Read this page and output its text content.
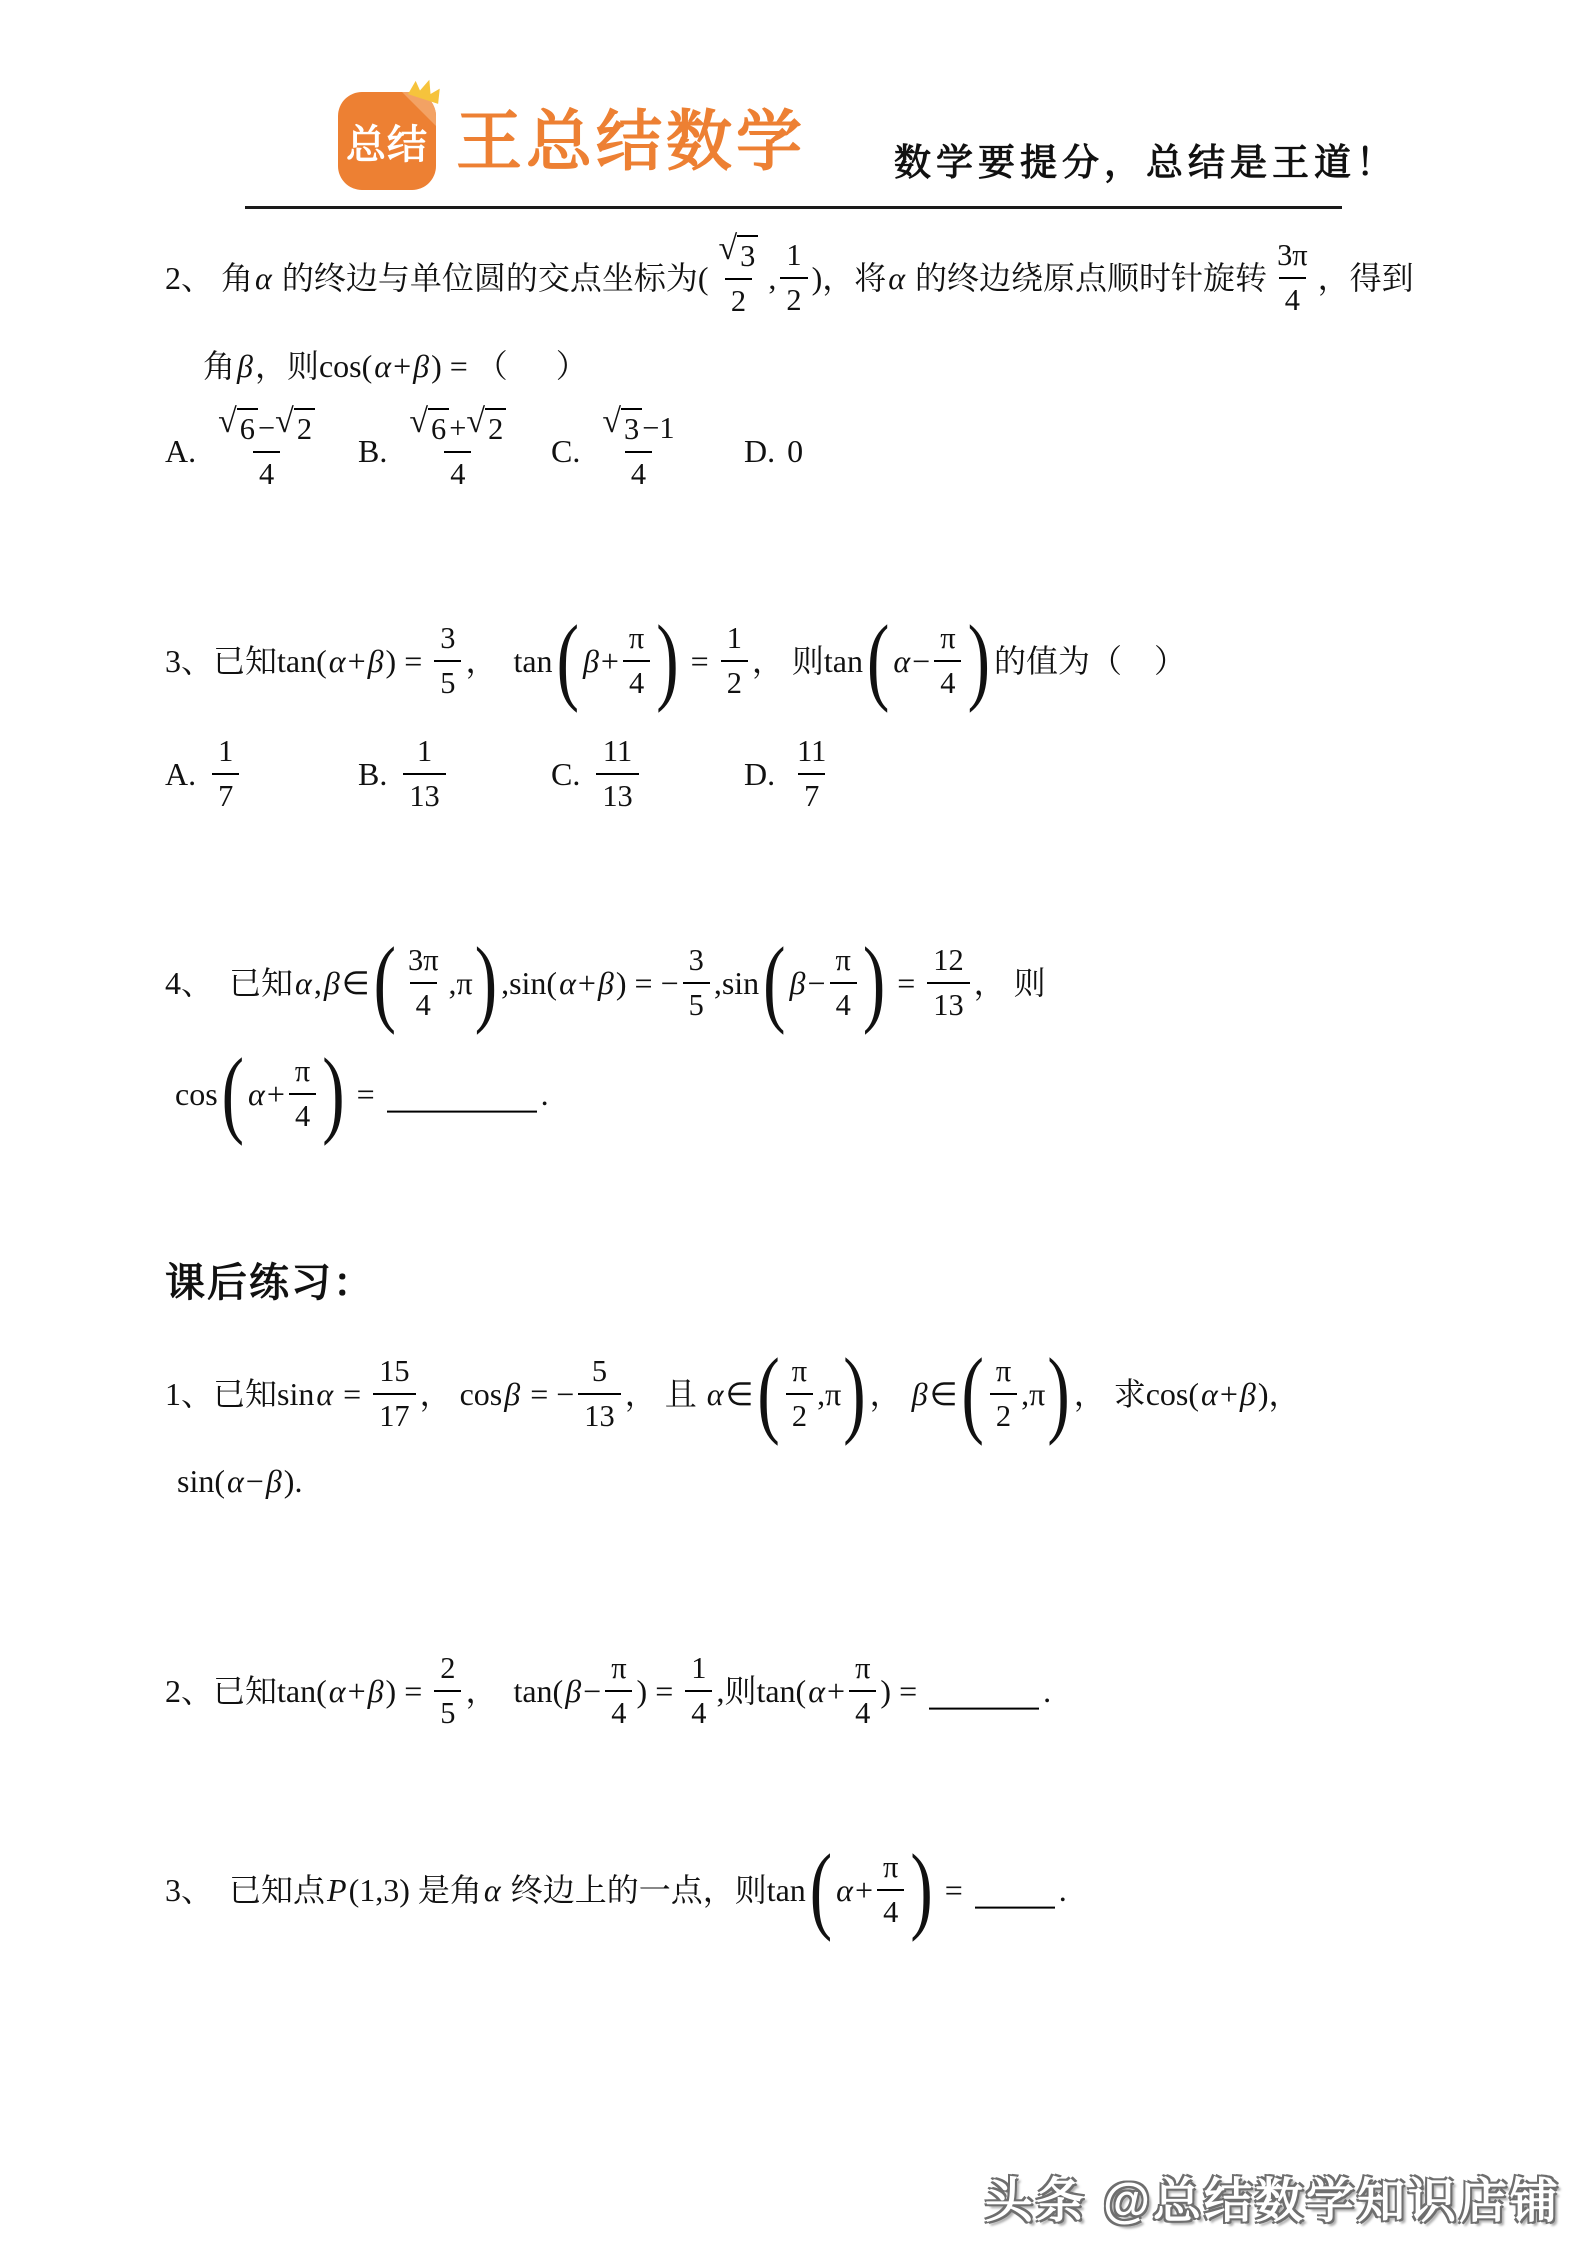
总结 王总结数学 数学要提分，总结是王道！
2、 角 α 的终边与单位圆的交点坐标为( $\frac{√ 3}{2}$ , $\frac{1}{2}$ )，将 α 的终边绕原点顺时针旋转 $\frac{3\pi}{4}$ ，得到
角 β ，则cos( α + β ) = （      ）
A. $\frac{√ 6 - √ 2}{4} B$. $\frac{√ 6 + √ 2}{4} C$. $\frac{√ 3 -1}{4} D$. 0
3、已知tan( α + β ) = $\frac{3}{5}$ ，  tan ( $\beta + \frac{\pi}{4}$ ) = $\frac{1}{2}$ ， 则tan ( $\alpha - \frac{\pi}{4}$ ) 的值为（    ）
A. $\frac{1}{7}$	B. $\frac{1}{13}$	C. $\frac{11}{13}$	D. $\frac{11}{7}$
4、  已知 α , β ∈ ( $\frac{3\pi}{4} ,\pi$ ) ,sin( α + β ) = − $\frac{3}{5} ,\sin$ ( $\beta - \frac{\pi}{4}$ ) = $\frac{12}{13}$ ， 则
cos ( $\alpha + \frac{\pi}{4}$ ) =	.
课后练习：
1、已知$\sin \alpha = \frac{15}{17}$ ， cos β = − $\frac{5}{13}$ ， 且 α ∈ ( $\frac{\pi}{2} ,\pi$ ) ， β ∈ ( $\frac{\pi}{2} ,\pi$ ) ， 求cos( α + β )，
sin( α − β ).
2、已知tan( α + β ) = $\frac{2}{5}$ ，  tan( $\beta - \frac{\pi}{4}$ ) = $\frac{1}{4}$ ,则tan( $\alpha + \frac{\pi}{4}$ ) =	.
3、  已知点 P (1,3) 是角 α 终边上的一点，则tan ( $\alpha + \frac{\pi}{4}$ ) =	.
头条 @总结数学知识店铺
